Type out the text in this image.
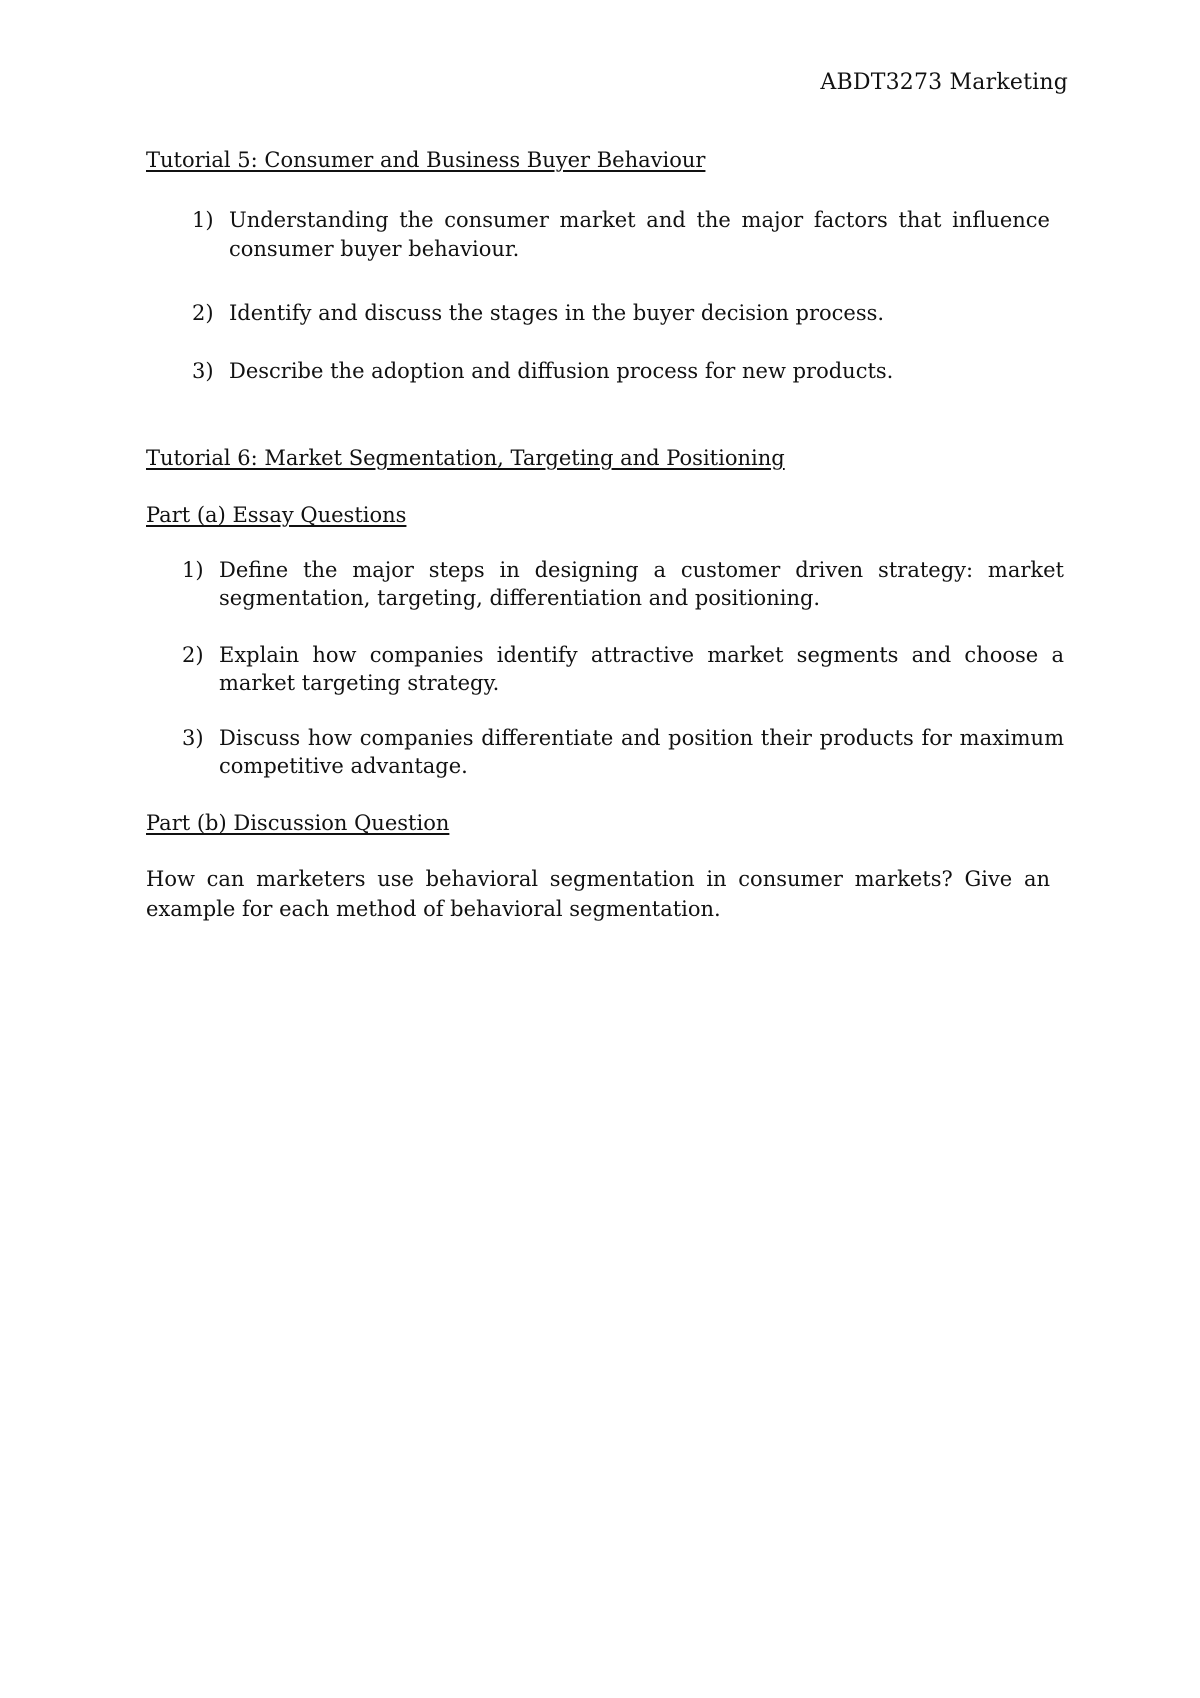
ABDT3273 Marketing
Tutorial 5: Consumer and Business Buyer Behaviour
1) Understanding the consumer market and the major factors that influence consumer buyer behaviour.
2) Identify and discuss the stages in the buyer decision process.
3) Describe the adoption and diffusion process for new products.
Tutorial 6: Market Segmentation, Targeting and Positioning
Part (a) Essay Questions
1) Define the major steps in designing a customer driven strategy: market segmentation, targeting, differentiation and positioning.
2) Explain how companies identify attractive market segments and choose a market targeting strategy.
3) Discuss how companies differentiate and position their products for maximum competitive advantage.
Part (b) Discussion Question
How can marketers use behavioral segmentation in consumer markets? Give an example for each method of behavioral segmentation.
